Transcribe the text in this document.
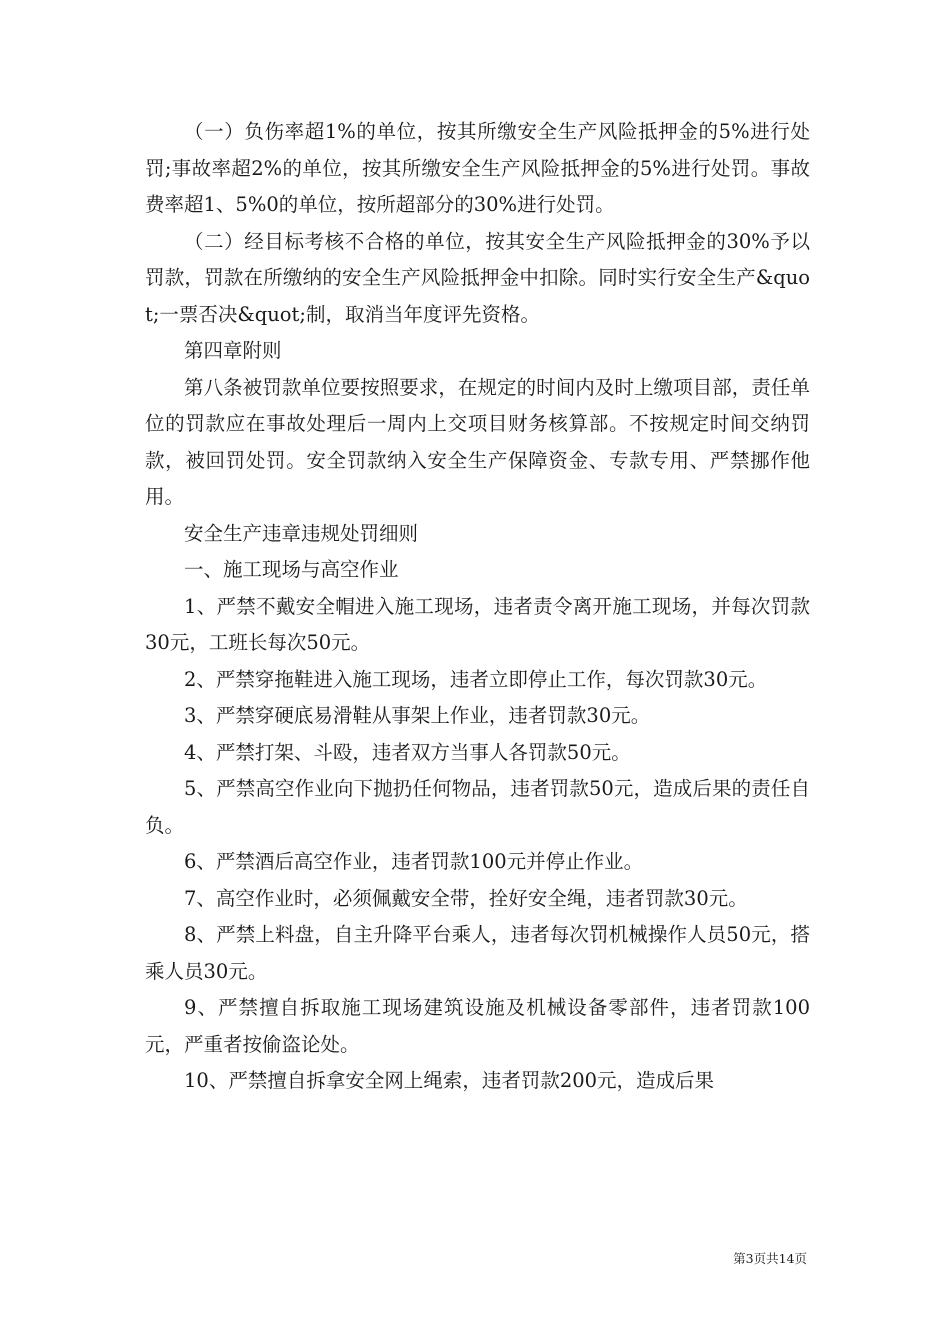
（一）负伤率超1%的单位，按其所缴安全生产风险抵押金的5%进行处罚;事故率超2%的单位，按其所缴安全生产风险抵押金的5%进行处罚。事故费率超1、5%0的单位，按所超部分的30%进行处罚。

（二）经目标考核不合格的单位，按其安全生产风险抵押金的30%予以罚款，罚款在所缴纳的安全生产风险抵押金中扣除。同时实行安全生产&quot;一票否决&quot;制，取消当年度评先资格。

第四章附则

第八条被罚款单位要按照要求，在规定的时间内及时上缴项目部，责任单位的罚款应在事故处理后一周内上交项目财务核算部。不按规定时间交纳罚款，被回罚处罚。安全罚款纳入安全生产保障资金、专款专用、严禁挪作他用。

安全生产违章违规处罚细则

一、施工现场与高空作业

1、严禁不戴安全帽进入施工现场，违者责令离开施工现场，并每次罚款30元，工班长每次50元。

2、严禁穿拖鞋进入施工现场，违者立即停止工作，每次罚款30元。

3、严禁穿硬底易滑鞋从事架上作业，违者罚款30元。

4、严禁打架、斗殴，违者双方当事人各罚款50元。

5、严禁高空作业向下抛扔任何物品，违者罚款50元，造成后果的责任自负。

6、严禁酒后高空作业，违者罚款100元并停止作业。

7、高空作业时，必须佩戴安全带，拴好安全绳，违者罚款30元。

8、严禁上料盘，自主升降平台乘人，违者每次罚机械操作人员50元，搭乘人员30元。

9、严禁擅自拆取施工现场建筑设施及机械设备零部件，违者罚款100元，严重者按偷盗论处。

10、严禁擅自拆拿安全网上绳索，违者罚款200元，造成后果

第3页共14页
